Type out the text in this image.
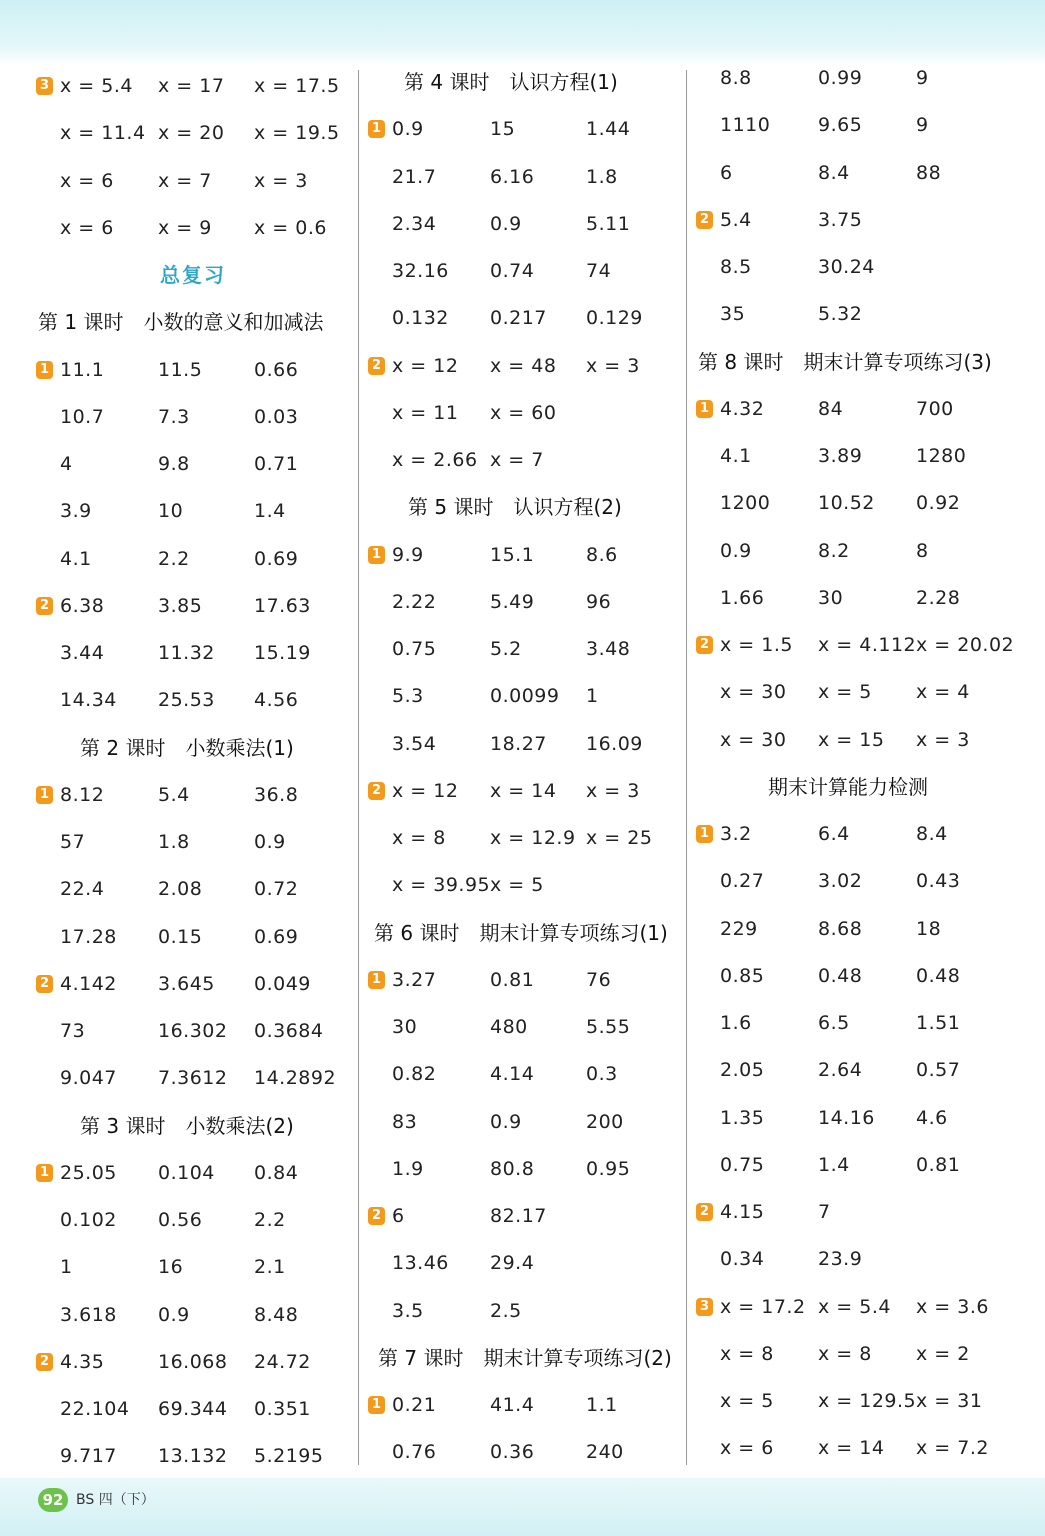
3 x = 5.4 x = 17 x = 17.5
x = 11.4 x = 20 x = 19.5
x = 6 x = 7 x = 3
x = 6 x = 9 x = 0.6
总复习
第 1 课时　小数的意义和加减法
1 11.1	11.5	0.66
10.7	7.3	0.03
4	9.8	0.71
3.9	10	1.4
4.1	2.2	0.69
2 6.38	3.85	17.63
3.44	11.32 15.19
14.34 25.53 4.56
第 2 课时　小数乘法(1)
1 8.12	5.4	36.8
57	1.8	0.9
22.4	2.08	0.72
17.28 0.15	0.69
2 4.142 3.645 0.049
73	16.302 0.3684
9.047 7.3612 14.2892
第 3 课时　小数乘法(2)
1 25.05 0.104 0.84
0.102 0.56	2.2
1	16	2.1
3.618 0.9	8.48
2 4.35	16.068 24.72
22.104 69.344 0.351
9.717 13.132 5.2195
第 4 课时　认识方程(1)
1 0.9	15	1.44
21.7	6.16	1.8
2.34	0.9	5.11
32.16 0.74	74
0.132 0.217 0.129
2 x = 12 x = 48 x = 3
x = 11 x = 60
x = 2.66 x = 7
第 5 课时　认识方程(2)
1 9.9	15.1	8.6
2.22	5.49	96
0.75	5.2	3.48
5.3	0.0099 1
3.54	18.27 16.09
2 x = 12 x = 14 x = 3
x = 8 x = 12.9 x = 25
x = 39.95 x = 5
第 6 课时　期末计算专项练习(1)
1 3.27	0.81	76
30	480	5.55
0.82	4.14	0.3
83	0.9	200
1.9	80.8	0.95
2 6	82.17
13.46 29.4
3.5	2.5
第 7 课时　期末计算专项练习(2)
1 0.21	41.4	1.1
0.76	0.36	240
8.8	0.99	9
1110	9.65	9
6	8.4	88
2 5.4	3.75
8.5	30.24
35	5.32
第 8 课时　期末计算专项练习(3)
1 4.32	84	700
4.1	3.89	1280
1200	10.52 0.92
0.9	8.2	8
1.66	30	2.28
2 x = 1.5 x = 4.112 x = 20.02
x = 30 x = 5 x = 4
x = 30 x = 15 x = 3
期末计算能力检测
1 3.2	6.4	8.4
0.27	3.02	0.43
229	8.68	18
0.85	0.48	0.48
1.6	6.5	1.51
2.05	2.64	0.57
1.35	14.16 4.6
0.75	1.4	0.81
2 4.15	7
0.34	23.9
3 x = 17.2 x = 5.4 x = 3.6
x = 8 x = 8 x = 2
x = 5 x = 129.5 x = 31
x = 6 x = 14 x = 7.2
92 BS 四（下）
